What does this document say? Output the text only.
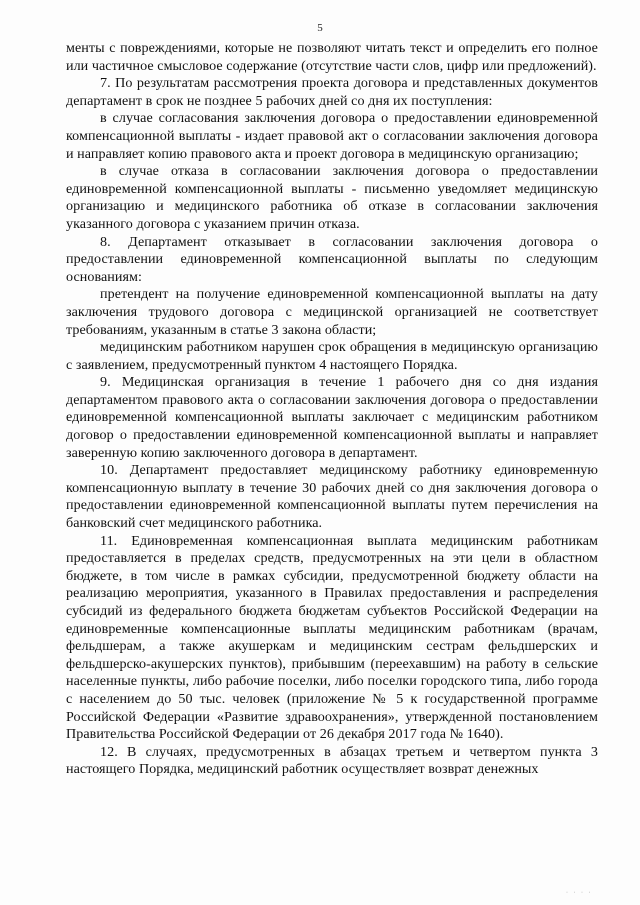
5

менты с повреждениями, которые не позволяют читать текст и определить его полное или частичное смысловое содержание (отсутствие части слов, цифр или предложений).

7. По результатам рассмотрения проекта договора и представленных документов департамент в срок не позднее 5 рабочих дней со дня их поступления:

в случае согласования заключения договора о предоставлении единовременной компенсационной выплаты - издает правовой акт о согласовании заключения договора и направляет копию правового акта и проект договора в медицинскую организацию;

в случае отказа в согласовании заключения договора о предоставлении единовременной компенсационной выплаты - письменно уведомляет медицинскую организацию и медицинского работника об отказе в согласовании заключения указанного договора с указанием причин отказа.

8. Департамент отказывает в согласовании заключения договора о предоставлении единовременной компенсационной выплаты по следующим основаниям:

претендент на получение единовременной компенсационной выплаты на дату заключения трудового договора с медицинской организацией не соответствует требованиям, указанным в статье 3 закона области;

медицинским работником нарушен срок обращения в медицинскую организацию с заявлением, предусмотренный пунктом 4 настоящего Порядка.

9. Медицинская организация в течение 1 рабочего дня со дня издания департаментом правового акта о согласовании заключения договора о предоставлении единовременной компенсационной выплаты заключает с медицинским работником договор о предоставлении единовременной компенсационной выплаты и направляет заверенную копию заключенного договора в департамент.

10. Департамент предоставляет медицинскому работнику единовременную компенсационную выплату в течение 30 рабочих дней со дня заключения договора о предоставлении единовременной компенсационной выплаты путем перечисления на банковский счет медицинского работника.

11. Единовременная компенсационная выплата медицинским работникам предоставляется в пределах средств, предусмотренных на эти цели в областном бюджете, в том числе в рамках субсидии, предусмотренной бюджету области на реализацию мероприятия, указанного в Правилах предоставления и распределения субсидий из федерального бюджета бюджетам субъектов Российской Федерации на единовременные компенсационные выплаты медицинским работникам (врачам, фельдшерам, а также акушеркам и медицинским сестрам фельдшерских и фельдшерско-акушерских пунктов), прибывшим (переехавшим) на работу в сельские населенные пункты, либо рабочие поселки, либо поселки городского типа, либо города с населением до 50 тыс. человек (приложение № 5 к государственной программе Российской Федерации «Развитие здравоохранения», утвержденной постановлением Правительства Российской Федерации от 26 декабря 2017 года № 1640).

12. В случаях, предусмотренных в абзацах третьем и четвертом пункта 3 настоящего Порядка, медицинский работник осуществляет возврат денежных

· · · ·
